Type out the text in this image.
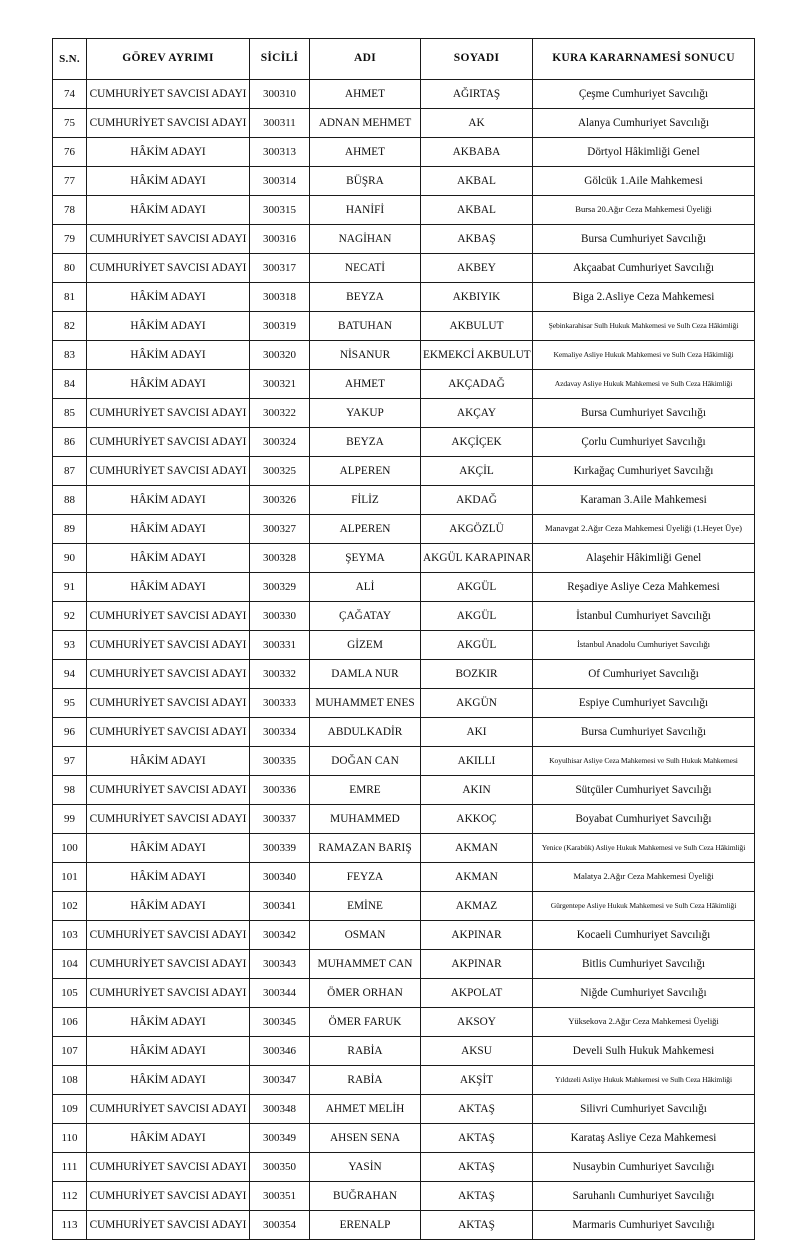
S.N.	GÖREV AYRIMI	SİCİLİ	ADI	SOYADI	KURA KARARNAMESİ SONUCU
74	CUMHURİYET SAVCISI ADAYI	300310	AHMET	AĞIRTAŞ	Çeşme Cumhuriyet Savcılığı
75	CUMHURİYET SAVCISI ADAYI	300311	ADNAN MEHMET	AK	Alanya Cumhuriyet Savcılığı
76	HÂKİM ADAYI	300313	AHMET	AKBABA	Dörtyol Hâkimliği Genel
77	HÂKİM ADAYI	300314	BÜŞRA	AKBAL	Gölcük 1.Aile Mahkemesi
78	HÂKİM ADAYI	300315	HANİFİ	AKBAL	Bursa 20.Ağır Ceza Mahkemesi Üyeliği
79	CUMHURİYET SAVCISI ADAYI	300316	NAGİHAN	AKBAŞ	Bursa Cumhuriyet Savcılığı
80	CUMHURİYET SAVCISI ADAYI	300317	NECATİ	AKBEY	Akçaabat Cumhuriyet Savcılığı
81	HÂKİM ADAYI	300318	BEYZA	AKBIYIK	Biga 2.Asliye Ceza Mahkemesi
82	HÂKİM ADAYI	300319	BATUHAN	AKBULUT	Şebinkarahisar Sulh Hukuk Mahkemesi ve Sulh Ceza Hâkimliği
83	HÂKİM ADAYI	300320	NİSANUR	EKMEKCİ AKBULUT	Kemaliye Asliye Hukuk Mahkemesi ve Sulh Ceza Hâkimliği
84	HÂKİM ADAYI	300321	AHMET	AKÇADAĞ	Azdavay Asliye Hukuk Mahkemesi ve Sulh Ceza Hâkimliği
85	CUMHURİYET SAVCISI ADAYI	300322	YAKUP	AKÇAY	Bursa Cumhuriyet Savcılığı
86	CUMHURİYET SAVCISI ADAYI	300324	BEYZA	AKÇİÇEK	Çorlu Cumhuriyet Savcılığı
87	CUMHURİYET SAVCISI ADAYI	300325	ALPEREN	AKÇİL	Kırkağaç Cumhuriyet Savcılığı
88	HÂKİM ADAYI	300326	FİLİZ	AKDAĞ	Karaman 3.Aile Mahkemesi
89	HÂKİM ADAYI	300327	ALPEREN	AKGÖZLÜ	Manavgat 2.Ağır Ceza Mahkemesi Üyeliği (1.Heyet Üye)
90	HÂKİM ADAYI	300328	ŞEYMA	AKGÜL KARAPINAR	Alaşehir Hâkimliği Genel
91	HÂKİM ADAYI	300329	ALİ	AKGÜL	Reşadiye Asliye Ceza Mahkemesi
92	CUMHURİYET SAVCISI ADAYI	300330	ÇAĞATAY	AKGÜL	İstanbul Cumhuriyet Savcılığı
93	CUMHURİYET SAVCISI ADAYI	300331	GİZEM	AKGÜL	İstanbul Anadolu Cumhuriyet Savcılığı
94	CUMHURİYET SAVCISI ADAYI	300332	DAMLA NUR	BOZKIR	Of Cumhuriyet Savcılığı
95	CUMHURİYET SAVCISI ADAYI	300333	MUHAMMET ENES	AKGÜN	Espiye Cumhuriyet Savcılığı
96	CUMHURİYET SAVCISI ADAYI	300334	ABDULKADİR	AKI	Bursa Cumhuriyet Savcılığı
97	HÂKİM ADAYI	300335	DOĞAN CAN	AKILLI	Koyulhisar Asliye Ceza Mahkemesi ve Sulh Hukuk Mahkemesi
98	CUMHURİYET SAVCISI ADAYI	300336	EMRE	AKIN	Sütçüler Cumhuriyet Savcılığı
99	CUMHURİYET SAVCISI ADAYI	300337	MUHAMMED	AKKOÇ	Boyabat Cumhuriyet Savcılığı
100	HÂKİM ADAYI	300339	RAMAZAN BARIŞ	AKMAN	Yenice (Karabük) Asliye Hukuk Mahkemesi ve Sulh Ceza Hâkimliği
101	HÂKİM ADAYI	300340	FEYZA	AKMAN	Malatya 2.Ağır Ceza Mahkemesi Üyeliği
102	HÂKİM ADAYI	300341	EMİNE	AKMAZ	Gürgentepe Asliye Hukuk Mahkemesi ve Sulh Ceza Hâkimliği
103	CUMHURİYET SAVCISI ADAYI	300342	OSMAN	AKPINAR	Kocaeli Cumhuriyet Savcılığı
104	CUMHURİYET SAVCISI ADAYI	300343	MUHAMMET CAN	AKPINAR	Bitlis Cumhuriyet Savcılığı
105	CUMHURİYET SAVCISI ADAYI	300344	ÖMER ORHAN	AKPOLAT	Niğde Cumhuriyet Savcılığı
106	HÂKİM ADAYI	300345	ÖMER FARUK	AKSOY	Yüksekova 2.Ağır Ceza Mahkemesi Üyeliği
107	HÂKİM ADAYI	300346	RABİA	AKSU	Develi Sulh Hukuk Mahkemesi
108	HÂKİM ADAYI	300347	RABİA	AKŞİT	Yıldızeli Asliye Hukuk Mahkemesi ve Sulh Ceza Hâkimliği
109	CUMHURİYET SAVCISI ADAYI	300348	AHMET MELİH	AKTAŞ	Silivri Cumhuriyet Savcılığı
110	HÂKİM ADAYI	300349	AHSEN SENA	AKTAŞ	Karataş Asliye Ceza Mahkemesi
111	CUMHURİYET SAVCISI ADAYI	300350	YASİN	AKTAŞ	Nusaybin Cumhuriyet Savcılığı
112	CUMHURİYET SAVCISI ADAYI	300351	BUĞRAHAN	AKTAŞ	Saruhanlı Cumhuriyet Savcılığı
113	CUMHURİYET SAVCISI ADAYI	300354	ERENALP	AKTAŞ	Marmaris Cumhuriyet Savcılığı
